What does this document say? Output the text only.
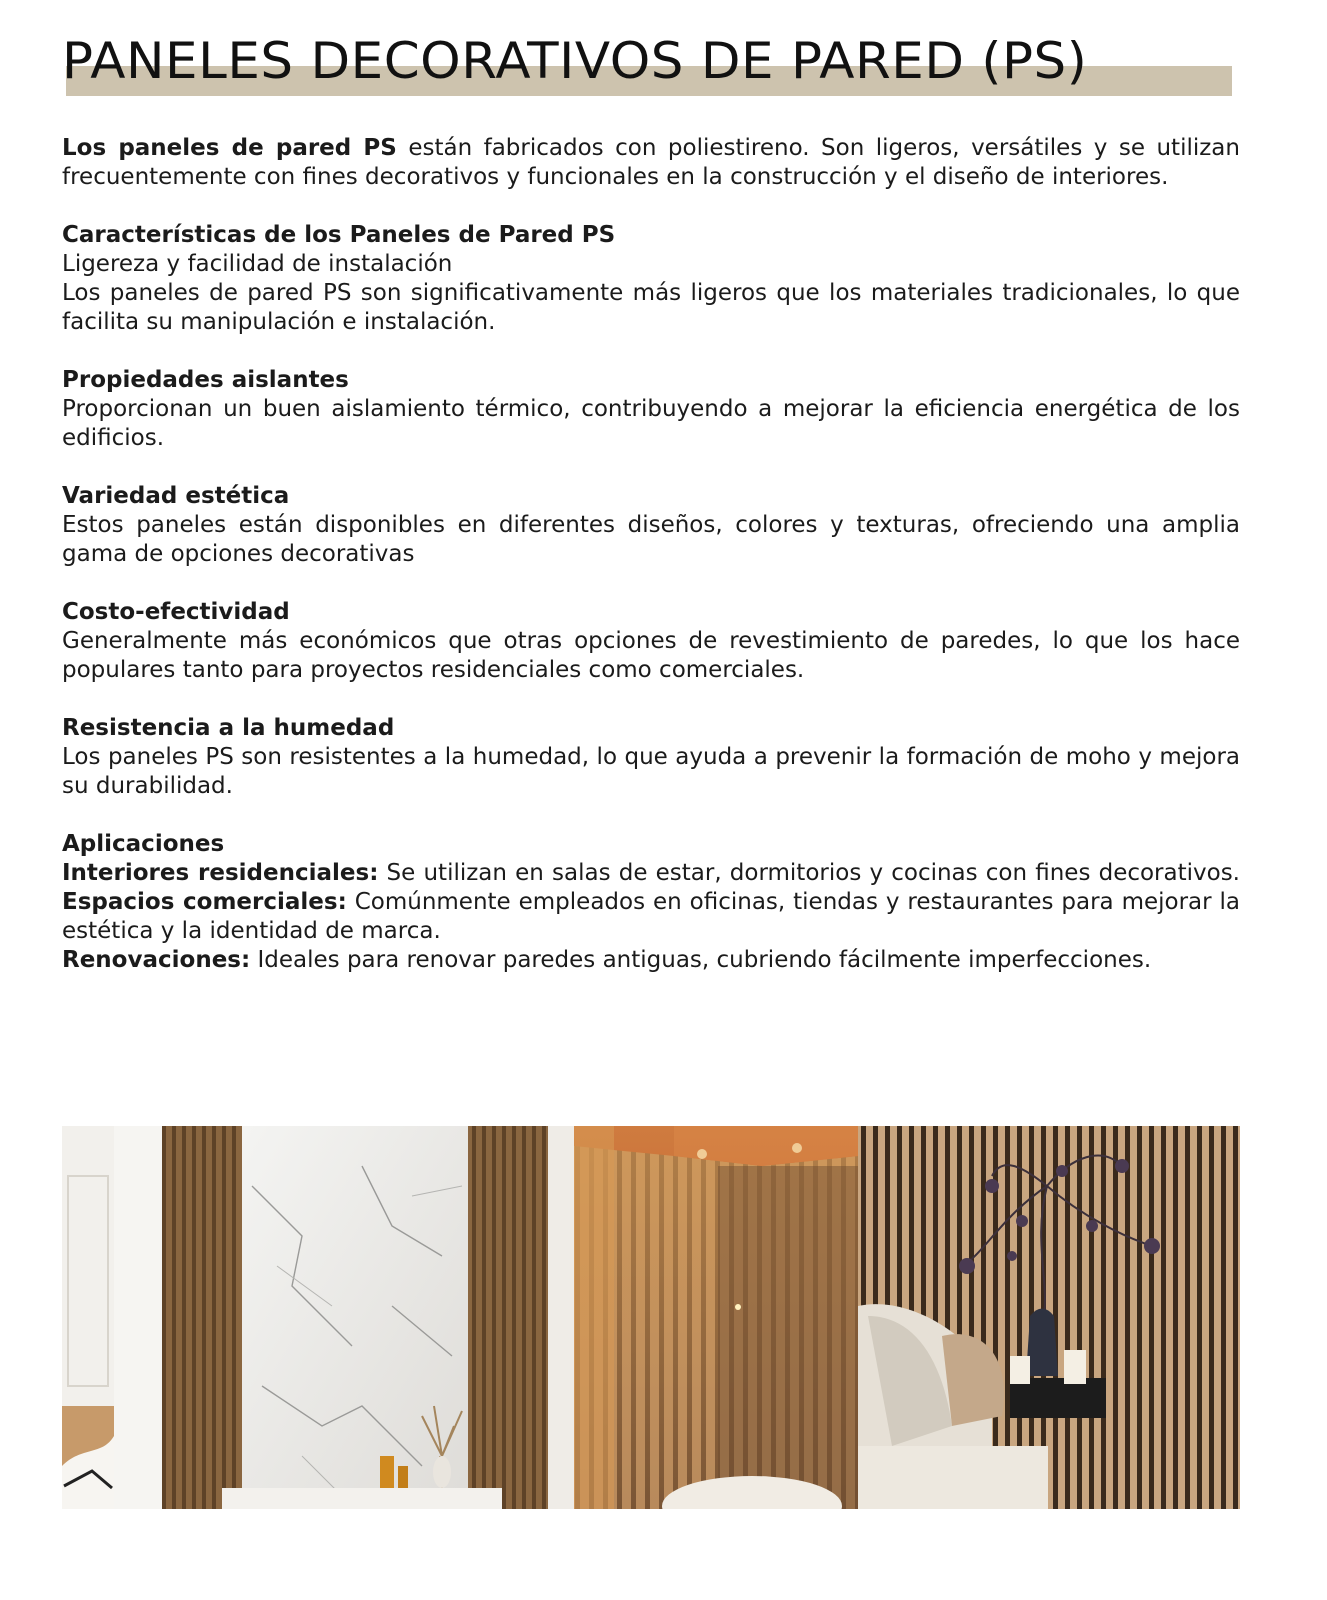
PANELES DECORATIVOS DE PARED (PS)

Los paneles de pared PS están fabricados con poliestireno. Son ligeros, versátiles y se utilizan frecuentemente con fines decorativos y funcionales en la construcción y el diseño de interiores.

Características de los Paneles de Pared PS

Ligereza y facilidad de instalación

Los paneles de pared PS son significativamente más ligeros que los materiales tradicionales, lo que facilita su manipulación e instalación.

Propiedades aislantes

Proporcionan un buen aislamiento térmico, contribuyendo a mejorar la eficiencia energética de los edificios.

Variedad estética

Estos paneles están disponibles en diferentes diseños, colores y texturas, ofreciendo una amplia gama de opciones decorativas

Costo-efectividad

Generalmente más económicos que otras opciones de revestimiento de paredes, lo que los hace populares tanto para proyectos residenciales como comerciales.

Resistencia a la humedad

Los paneles PS son resistentes a la humedad, lo que ayuda a prevenir la formación de moho y mejora su durabilidad.

Aplicaciones

Interiores residenciales: Se utilizan en salas de estar, dormitorios y cocinas con fines decorativos. Espacios comerciales: Comúnmente empleados en oficinas, tiendas y restaurantes para mejorar la estética y la identidad de marca.

Renovaciones: Ideales para renovar paredes antiguas, cubriendo fácilmente imperfecciones.
